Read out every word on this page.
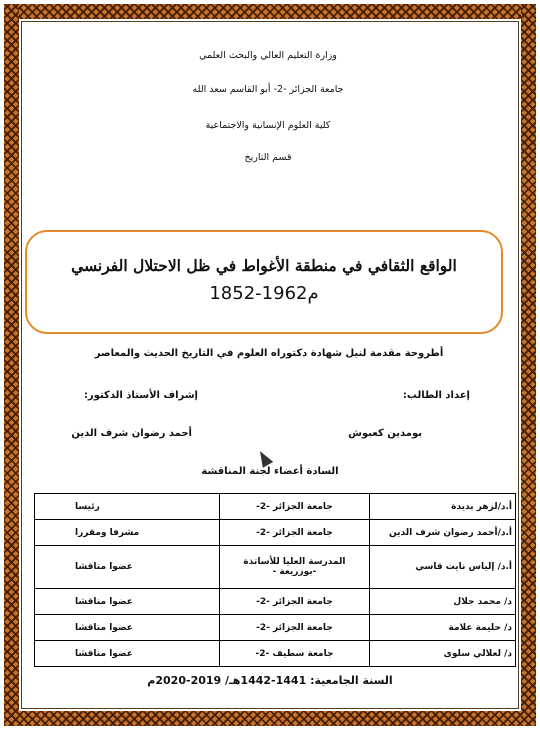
وزارة التعليم العالي والبحث العلمي
جامعة الجزائر -2- أبو القاسم سعد الله
كلية العلوم الإنسانية والاجتماعية
قسم التاريخ
الواقع الثقافي في منطقة الأغواط في ظل الاحتلال الفرنسي
1852-1962م
أطروحة مقدمة لنيل شهادة دكتوراه العلوم في التاريخ الحديث والمعاصر
إعداد الطالب:
إشراف الأستاذ الدكتور:
بومدين كعبوش
أحمد رضوان شرف الدين
السادة أعضاء لجنة المناقشة
أ.د/لزهر بديدة	جامعة الجزائر -2-	رئيسا
أ.د/أحمد رضوان شرف الدين	جامعة الجزائر -2-	مشرفا ومقررا
أ.د/ إلياس نايت قاسي	المدرسة العليا للأساتذة -بوزريعة -	عضوا مناقشا
د/ محمد جلال	جامعة الجزائر -2-	عضوا مناقشا
د/ حليمة علامة	جامعة الجزائر -2-	عضوا مناقشا
د/ لعلالي سلوى	جامعة سطيف -2-	عضوا مناقشا
السنة الجامعية: 1441-1442هـ/ 2019-2020م
